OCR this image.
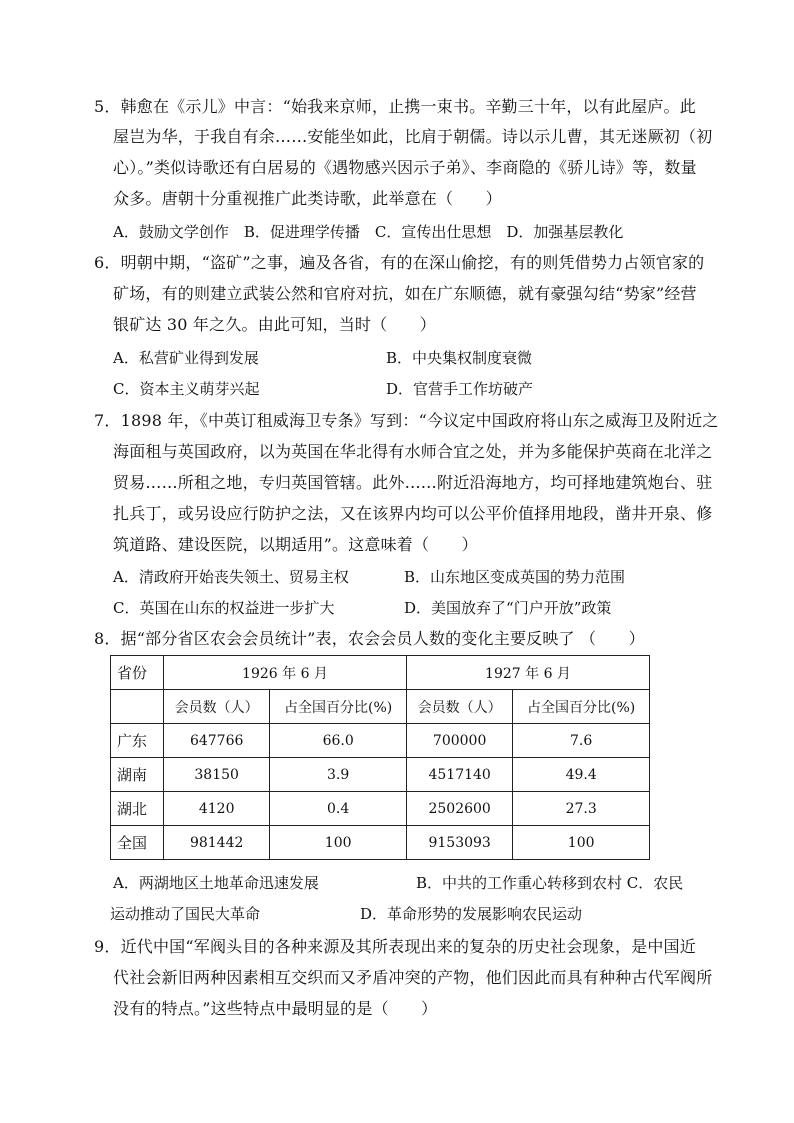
5．韩愈在《示儿》中言：“始我来京师，止携一束书。辛勤三十年，以有此屋庐。此
屋岂为华，于我自有余……安能坐如此，比肩于朝儒。诗以示儿曹，其无迷厥初（初
心）。”类似诗歌还有白居易的《遇物感兴因示子弟》、李商隐的《骄儿诗》等，数量
众多。唐朝十分重视推广此类诗歌，此举意在（　　）
A．鼓励文学创作　B．促进理学传播　C．宣传出仕思想　D．加强基层教化
6．明朝中期，“盗矿”之事，遍及各省，有的在深山偷挖，有的则凭借势力占领官家的
矿场，有的则建立武装公然和官府对抗，如在广东顺德，就有豪强勾结“势家”经营
银矿达 30 年之久。由此可知，当时（　　）
A．私营矿业得到发展	B．中央集权制度衰微
C．资本主义萌芽兴起	D．官营手工作坊破产
7．1898 年，《中英订租威海卫专条》写到：“今议定中国政府将山东之威海卫及附近之
海面租与英国政府，以为英国在华北得有水师合宜之处，并为多能保护英商在北洋之
贸易……所租之地，专归英国管辖。此外……附近沿海地方，均可择地建筑炮台、驻
扎兵丁，或另设应行防护之法，又在该界内均可以公平价值择用地段，凿井开泉、修
筑道路、建设医院，以期适用”。这意味着（　　）
A．清政府开始丧失领土、贸易主权	B．山东地区变成英国的势力范围
C．英国在山东的权益进一步扩大	D．美国放弃了“门户开放”政策
8．据“部分省区农会会员统计”表，农会会员人数的变化主要反映了 （　　）
省份	1926 年 6 月		1927 年 6 月	
	会员数（人）	占全国百分比(%)	会员数（人）	占全国百分比(%)
广东	647766	66.0	700000	7.6
湖南	38150	3.9	4517140	49.4
湖北	4120	0.4	2502600	27.3
全国	981442	100	9153093	100
A．两湖地区土地革命迅速发展	B．中共的工作重心转移到农村 C．农民
运动推动了国民大革命	D．革命形势的发展影响农民运动
9．近代中国“军阀头目的各种来源及其所表现出来的复杂的历史社会现象，是中国近
代社会新旧两种因素相互交织而又矛盾冲突的产物，他们因此而具有种种古代军阀所
没有的特点。”这些特点中最明显的是（　　）
